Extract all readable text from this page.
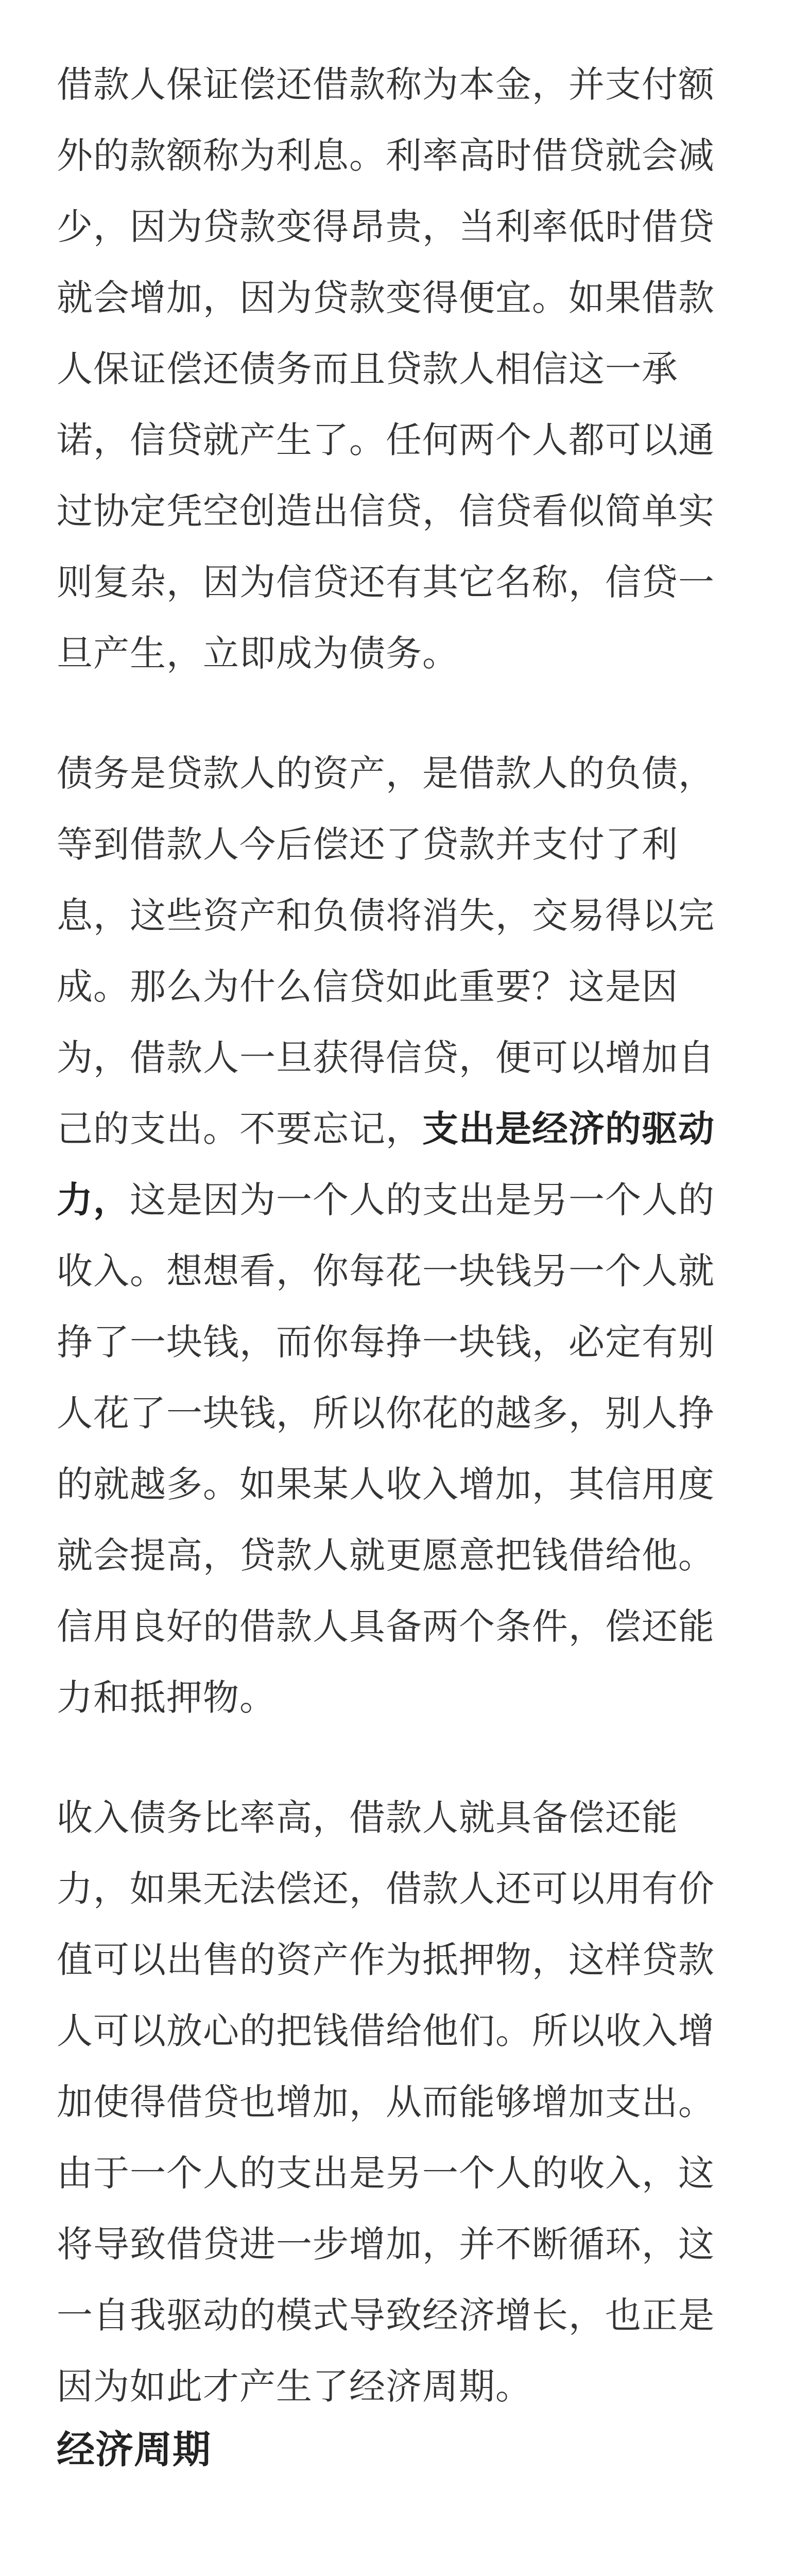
借款人保证偿还借款称为本金，并支付额外的款额称为利息。利率高时借贷就会减少，因为贷款变得昂贵，当利率低时借贷就会增加，因为贷款变得便宜。如果借款人保证偿还债务而且贷款人相信这一承诺，信贷就产生了。任何两个人都可以通过协定凭空创造出信贷，信贷看似简单实则复杂，因为信贷还有其它名称，信贷一旦产生，立即成为债务。

债务是贷款人的资产，是借款人的负债，等到借款人今后偿还了贷款并支付了利息，这些资产和负债将消失，交易得以完成。那么为什么信贷如此重要？这是因为，借款人一旦获得信贷，便可以增加自己的支出。不要忘记，支出是经济的驱动力，这是因为一个人的支出是另一个人的收入。想想看，你每花一块钱另一个人就挣了一块钱，而你每挣一块钱，必定有别人花了一块钱，所以你花的越多，别人挣的就越多。如果某人收入增加，其信用度就会提高，贷款人就更愿意把钱借给他。信用良好的借款人具备两个条件，偿还能力和抵押物。

收入债务比率高，借款人就具备偿还能力，如果无法偿还，借款人还可以用有价值可以出售的资产作为抵押物，这样贷款人可以放心的把钱借给他们。所以收入增加使得借贷也增加，从而能够增加支出。由于一个人的支出是另一个人的收入，这将导致借贷进一步增加，并不断循环，这一自我驱动的模式导致经济增长，也正是因为如此才产生了经济周期。

经济周期
